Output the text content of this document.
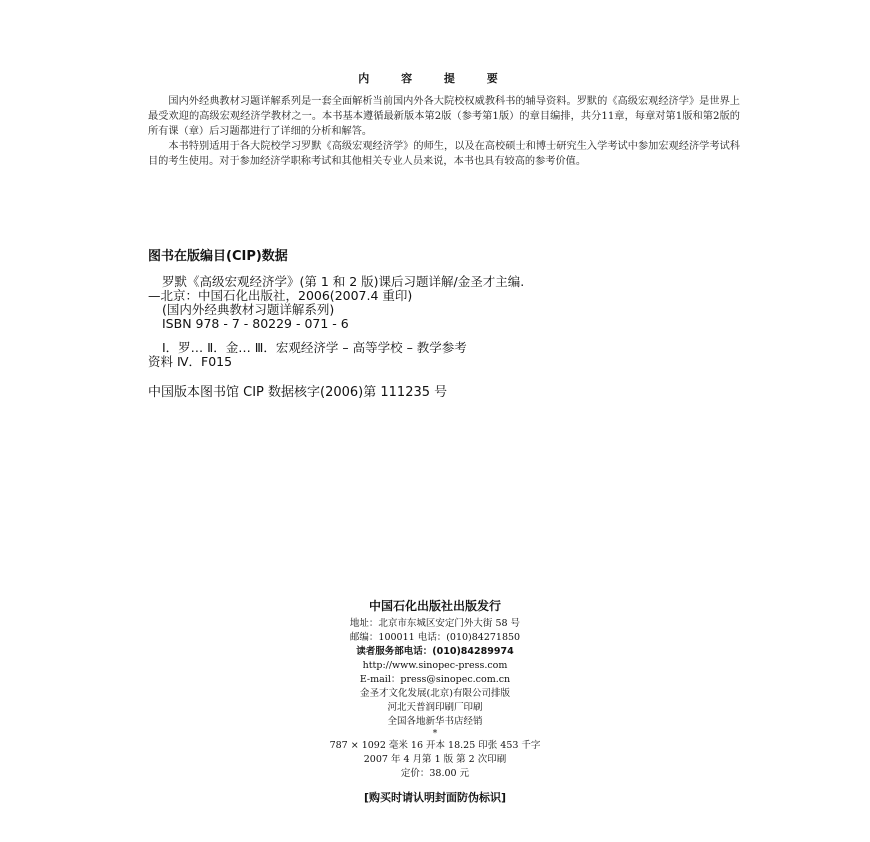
内 容 提 要

国内外经典教材习题详解系列是一套全面解析当前国内外各大院校权威教科书的辅导资料。罗默的《高级宏观经济学》是世界上最受欢迎的高级宏观经济学教材之一。本书基本遵循最新版本第2版（参考第1版）的章目编排，共分11章，每章对第1版和第2版的所有课（章）后习题都进行了详细的分析和解答。

本书特别适用于各大院校学习罗默《高级宏观经济学》的师生，以及在高校硕士和博士研究生入学考试中参加宏观经济学考试科目的考生使用。对于参加经济学职称考试和其他相关专业人员来说，本书也具有较高的参考价值。

图书在版编目(CIP)数据
罗默《高级宏观经济学》(第 1 和 2 版)课后习题详解/金圣才主编.
—北京：中国石化出版社，2006(2007.4 重印)
(国内外经典教材习题详解系列)
ISBN 978 - 7 - 80229 - 071 - 6
Ⅰ．罗… Ⅱ．金… Ⅲ．宏观经济学 – 高等学校 – 教学参考
资料 Ⅳ．F015
中国版本图书馆 CIP 数据核字(2006)第 111235 号
中国石化出版社出版发行
地址：北京市东城区安定门外大街 58 号
邮编：100011 电话：(010)84271850
读者服务部电话：(010)84289974
http://www.sinopec-press.com
E-mail：press@sinopec.com.cn
金圣才文化发展(北京)有限公司排版
河北天普润印刷厂印刷
全国各地新华书店经销
*
787 × 1092 毫米 16 开本 18.25 印张 453 千字
2007 年 4 月第 1 版 第 2 次印刷
定价：38.00 元
[购买时请认明封面防伪标识]
